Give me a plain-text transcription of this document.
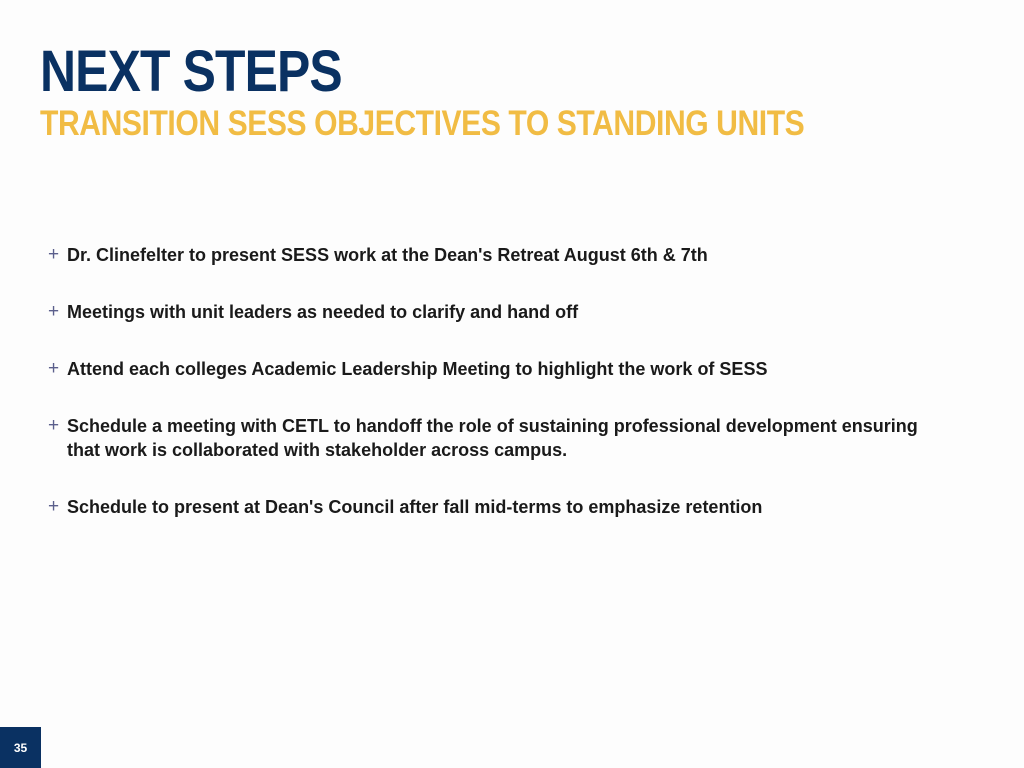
NEXT STEPS
TRANSITION SESS OBJECTIVES TO STANDING UNITS
+ Dr. Clinefelter to present SESS work at the Dean's Retreat August 6th & 7th
+ Meetings with unit leaders as needed to clarify and hand off
+ Attend each colleges Academic Leadership Meeting to highlight the work of SESS
+ Schedule a meeting with CETL to handoff the role of sustaining professional development ensuring that work is collaborated with stakeholder across campus.
+ Schedule to present at Dean's Council after fall mid-terms to emphasize retention
35
